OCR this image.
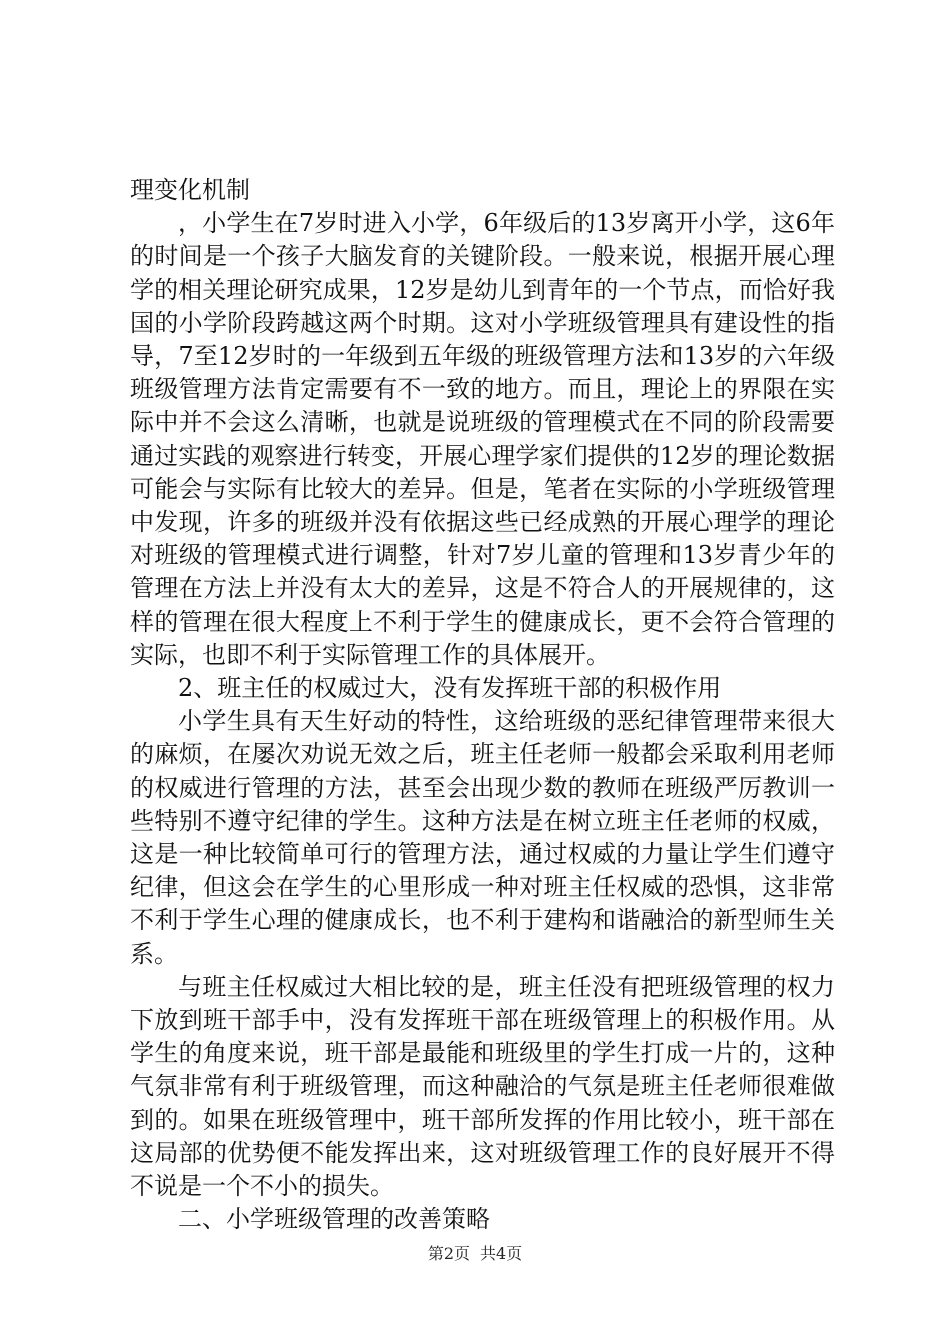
理变化机制

，小学生在7岁时进入小学，6年级后的13岁离开小学，这6年的时间是一个孩子大脑发育的关键阶段。一般来说，根据开展心理学的相关理论研究成果，12岁是幼儿到青年的一个节点，而恰好我国的小学阶段跨越这两个时期。这对小学班级管理具有建设性的指导，7至12岁时的一年级到五年级的班级管理方法和13岁的六年级班级管理方法肯定需要有不一致的地方。而且，理论上的界限在实际中并不会这么清晰，也就是说班级的管理模式在不同的阶段需要通过实践的观察进行转变，开展心理学家们提供的12岁的理论数据可能会与实际有比较大的差异。但是，笔者在实际的小学班级管理中发现，许多的班级并没有依据这些已经成熟的开展心理学的理论对班级的管理模式进行调整，针对7岁儿童的管理和13岁青少年的管理在方法上并没有太大的差异，这是不符合人的开展规律的，这样的管理在很大程度上不利于学生的健康成长，更不会符合管理的实际，也即不利于实际管理工作的具体展开。

2、班主任的权威过大，没有发挥班干部的积极作用

小学生具有天生好动的特性，这给班级的恶纪律管理带来很大的麻烦，在屡次劝说无效之后，班主任老师一般都会采取利用老师的权威进行管理的方法，甚至会出现少数的教师在班级严厉教训一些特别不遵守纪律的学生。这种方法是在树立班主任老师的权威，这是一种比较简单可行的管理方法，通过权威的力量让学生们遵守纪律，但这会在学生的心里形成一种对班主任权威的恐惧，这非常不利于学生心理的健康成长，也不利于建构和谐融洽的新型师生关系。

与班主任权威过大相比较的是，班主任没有把班级管理的权力下放到班干部手中，没有发挥班干部在班级管理上的积极作用。从学生的角度来说，班干部是最能和班级里的学生打成一片的，这种气氛非常有利于班级管理，而这种融洽的气氛是班主任老师很难做到的。如果在班级管理中，班干部所发挥的作用比较小，班干部在这局部的优势便不能发挥出来，这对班级管理工作的良好展开不得不说是一个不小的损失。

二、小学班级管理的改善策略

第2页 共4页
